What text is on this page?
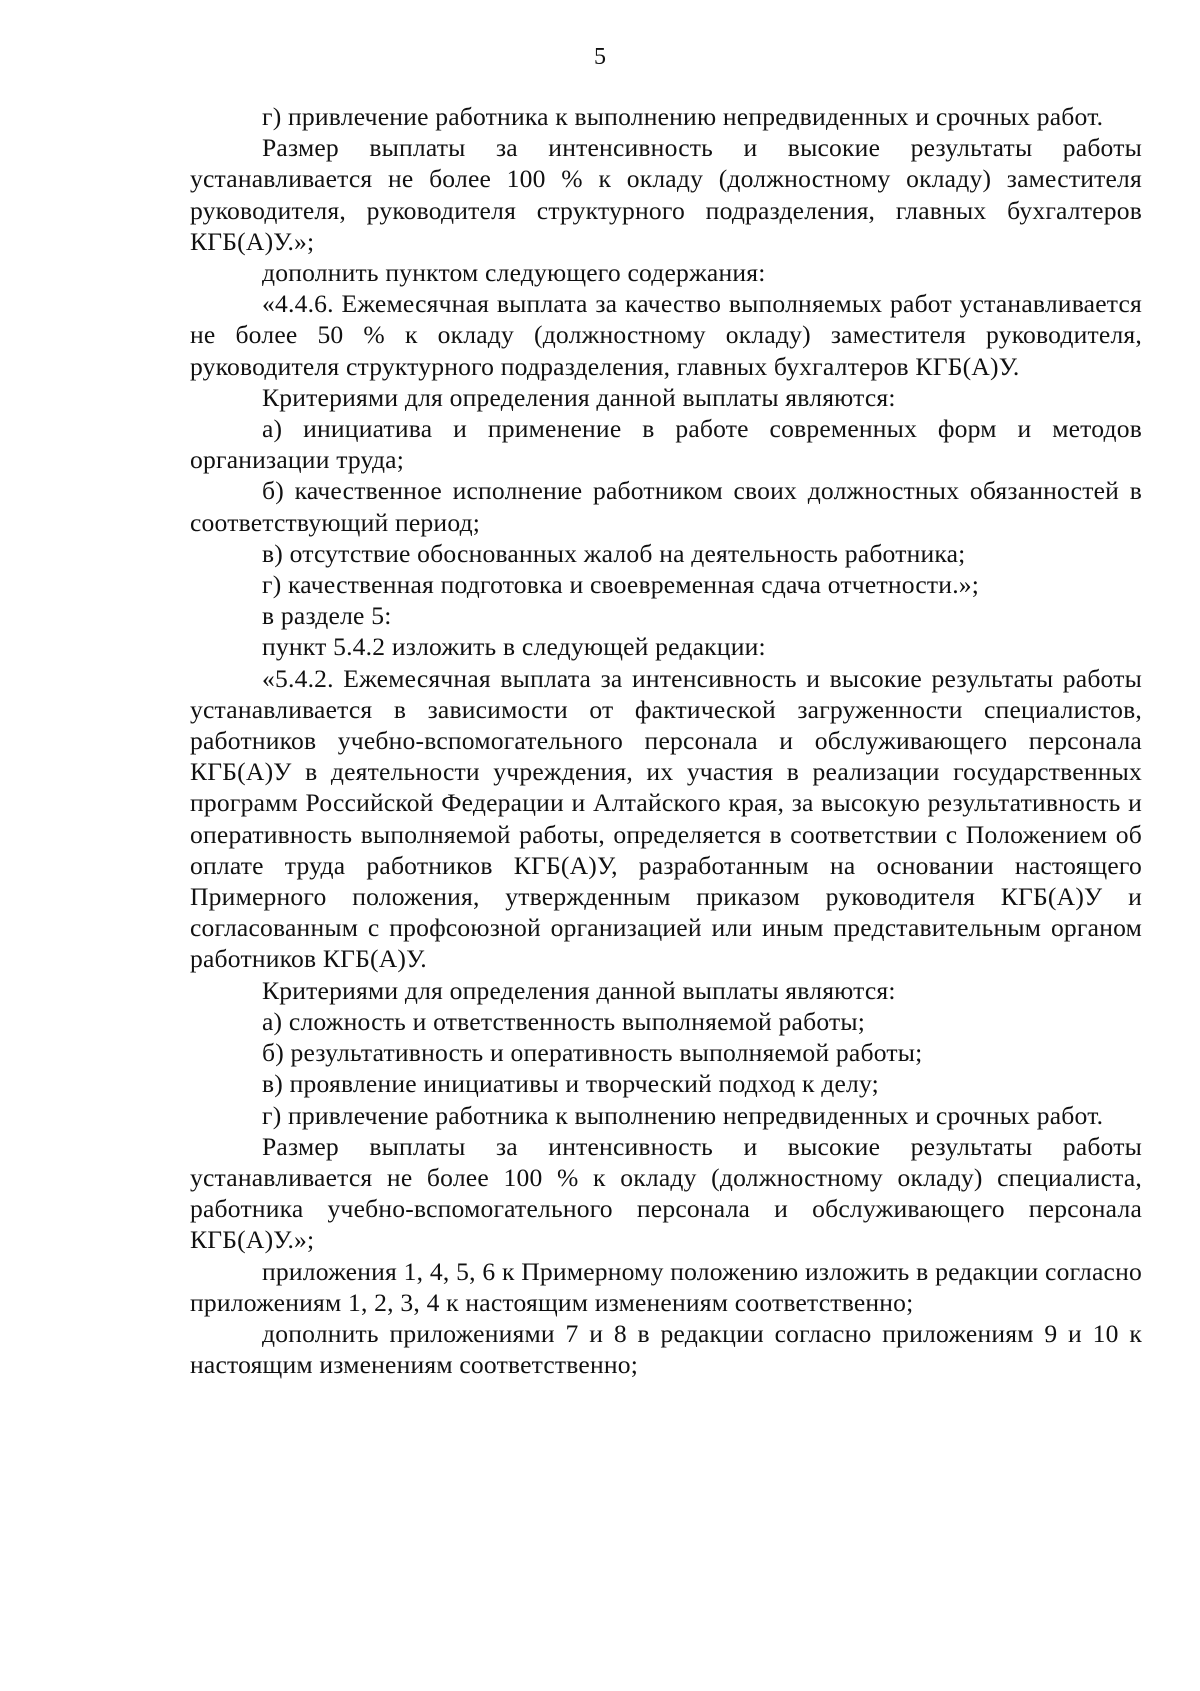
5

г) привлечение работника к выполнению непредвиденных и срочных работ.

Размер выплаты за интенсивность и высокие результаты работы устанавливается не более 100 % к окладу (должностному окладу) заместителя руководителя, руководителя структурного подразделения, главных бухгалтеров КГБ(А)У.»;

дополнить пунктом следующего содержания:

«4.4.6. Ежемесячная выплата за качество выполняемых работ устанавливается не более 50 % к окладу (должностному окладу) заместителя руководителя, руководителя структурного подразделения, главных бухгалтеров КГБ(А)У.

Критериями для определения данной выплаты являются:

а) инициатива и применение в работе современных форм и методов организации труда;

б) качественное исполнение работником своих должностных обязанностей в соответствующий период;

в) отсутствие обоснованных жалоб на деятельность работника;

г) качественная подготовка и своевременная сдача отчетности.»;

в разделе 5:

пункт 5.4.2 изложить в следующей редакции:

«5.4.2. Ежемесячная выплата за интенсивность и высокие результаты работы устанавливается в зависимости от фактической загруженности специалистов, работников учебно-вспомогательного персонала и обслуживающего персонала КГБ(А)У в деятельности учреждения, их участия в реализации государственных программ Российской Федерации и Алтайского края, за высокую результативность и оперативность выполняемой работы, определяется в соответствии с Положением об оплате труда работников КГБ(А)У, разработанным на основании настоящего Примерного положения, утвержденным приказом руководителя КГБ(А)У и согласованным с профсоюзной организацией или иным представительным органом работников КГБ(А)У.

Критериями для определения данной выплаты являются:

а) сложность и ответственность выполняемой работы;

б) результативность и оперативность выполняемой работы;

в) проявление инициативы и творческий подход к делу;

г) привлечение работника к выполнению непредвиденных и срочных работ.

Размер выплаты за интенсивность и высокие результаты работы устанавливается не более 100 % к окладу (должностному окладу) специалиста, работника учебно-вспомогательного персонала и обслуживающего персонала КГБ(А)У.»;

приложения 1, 4, 5, 6 к Примерному положению изложить в редакции согласно приложениям 1, 2, 3, 4 к настоящим изменениям соответственно;

дополнить приложениями 7 и 8 в редакции согласно приложениям 9 и 10 к настоящим изменениям соответственно;
